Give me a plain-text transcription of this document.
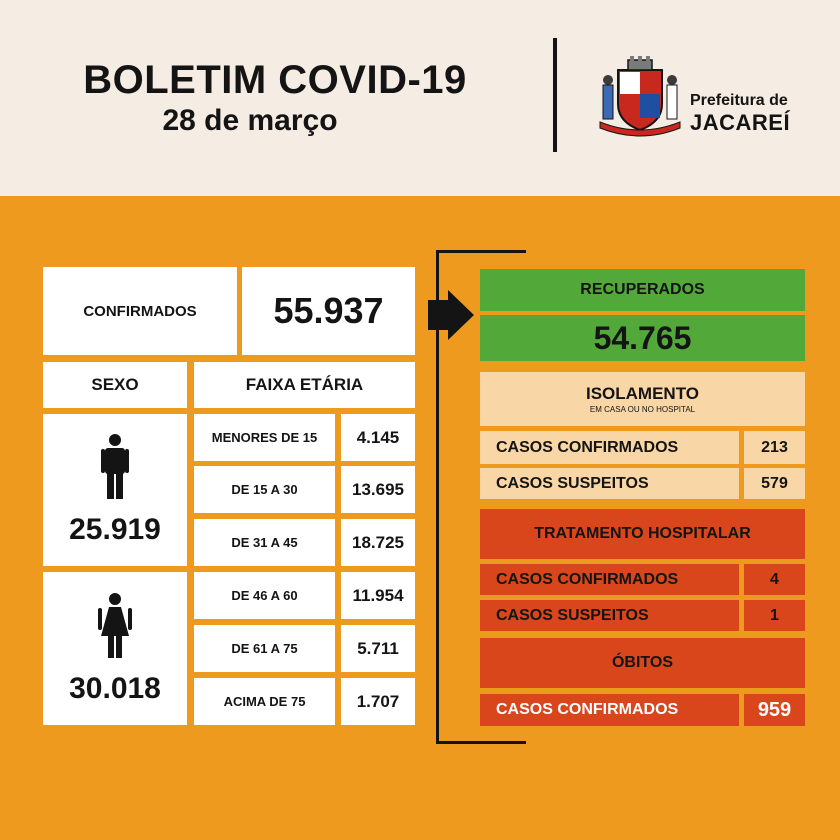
BOLETIM COVID-19
28 de março
Prefeitura de
JACAREÍ
CONFIRMADOS	55.937
SEXO	FAIXA ETÁRIA
25.919
30.018
MENORES DE 15	4.145
DE 15 A 30	13.695
DE 31 A 45	18.725
DE 46 A 60	11.954
DE 61 A 75	5.711
ACIMA DE 75	1.707
RECUPERADOS
54.765
ISOLAMENTO
EM CASA OU NO HOSPITAL
CASOS CONFIRMADOS	213
CASOS SUSPEITOS	579
TRATAMENTO HOSPITALAR
CASOS CONFIRMADOS	4
CASOS SUSPEITOS	1
ÓBITOS
CASOS CONFIRMADOS	959
